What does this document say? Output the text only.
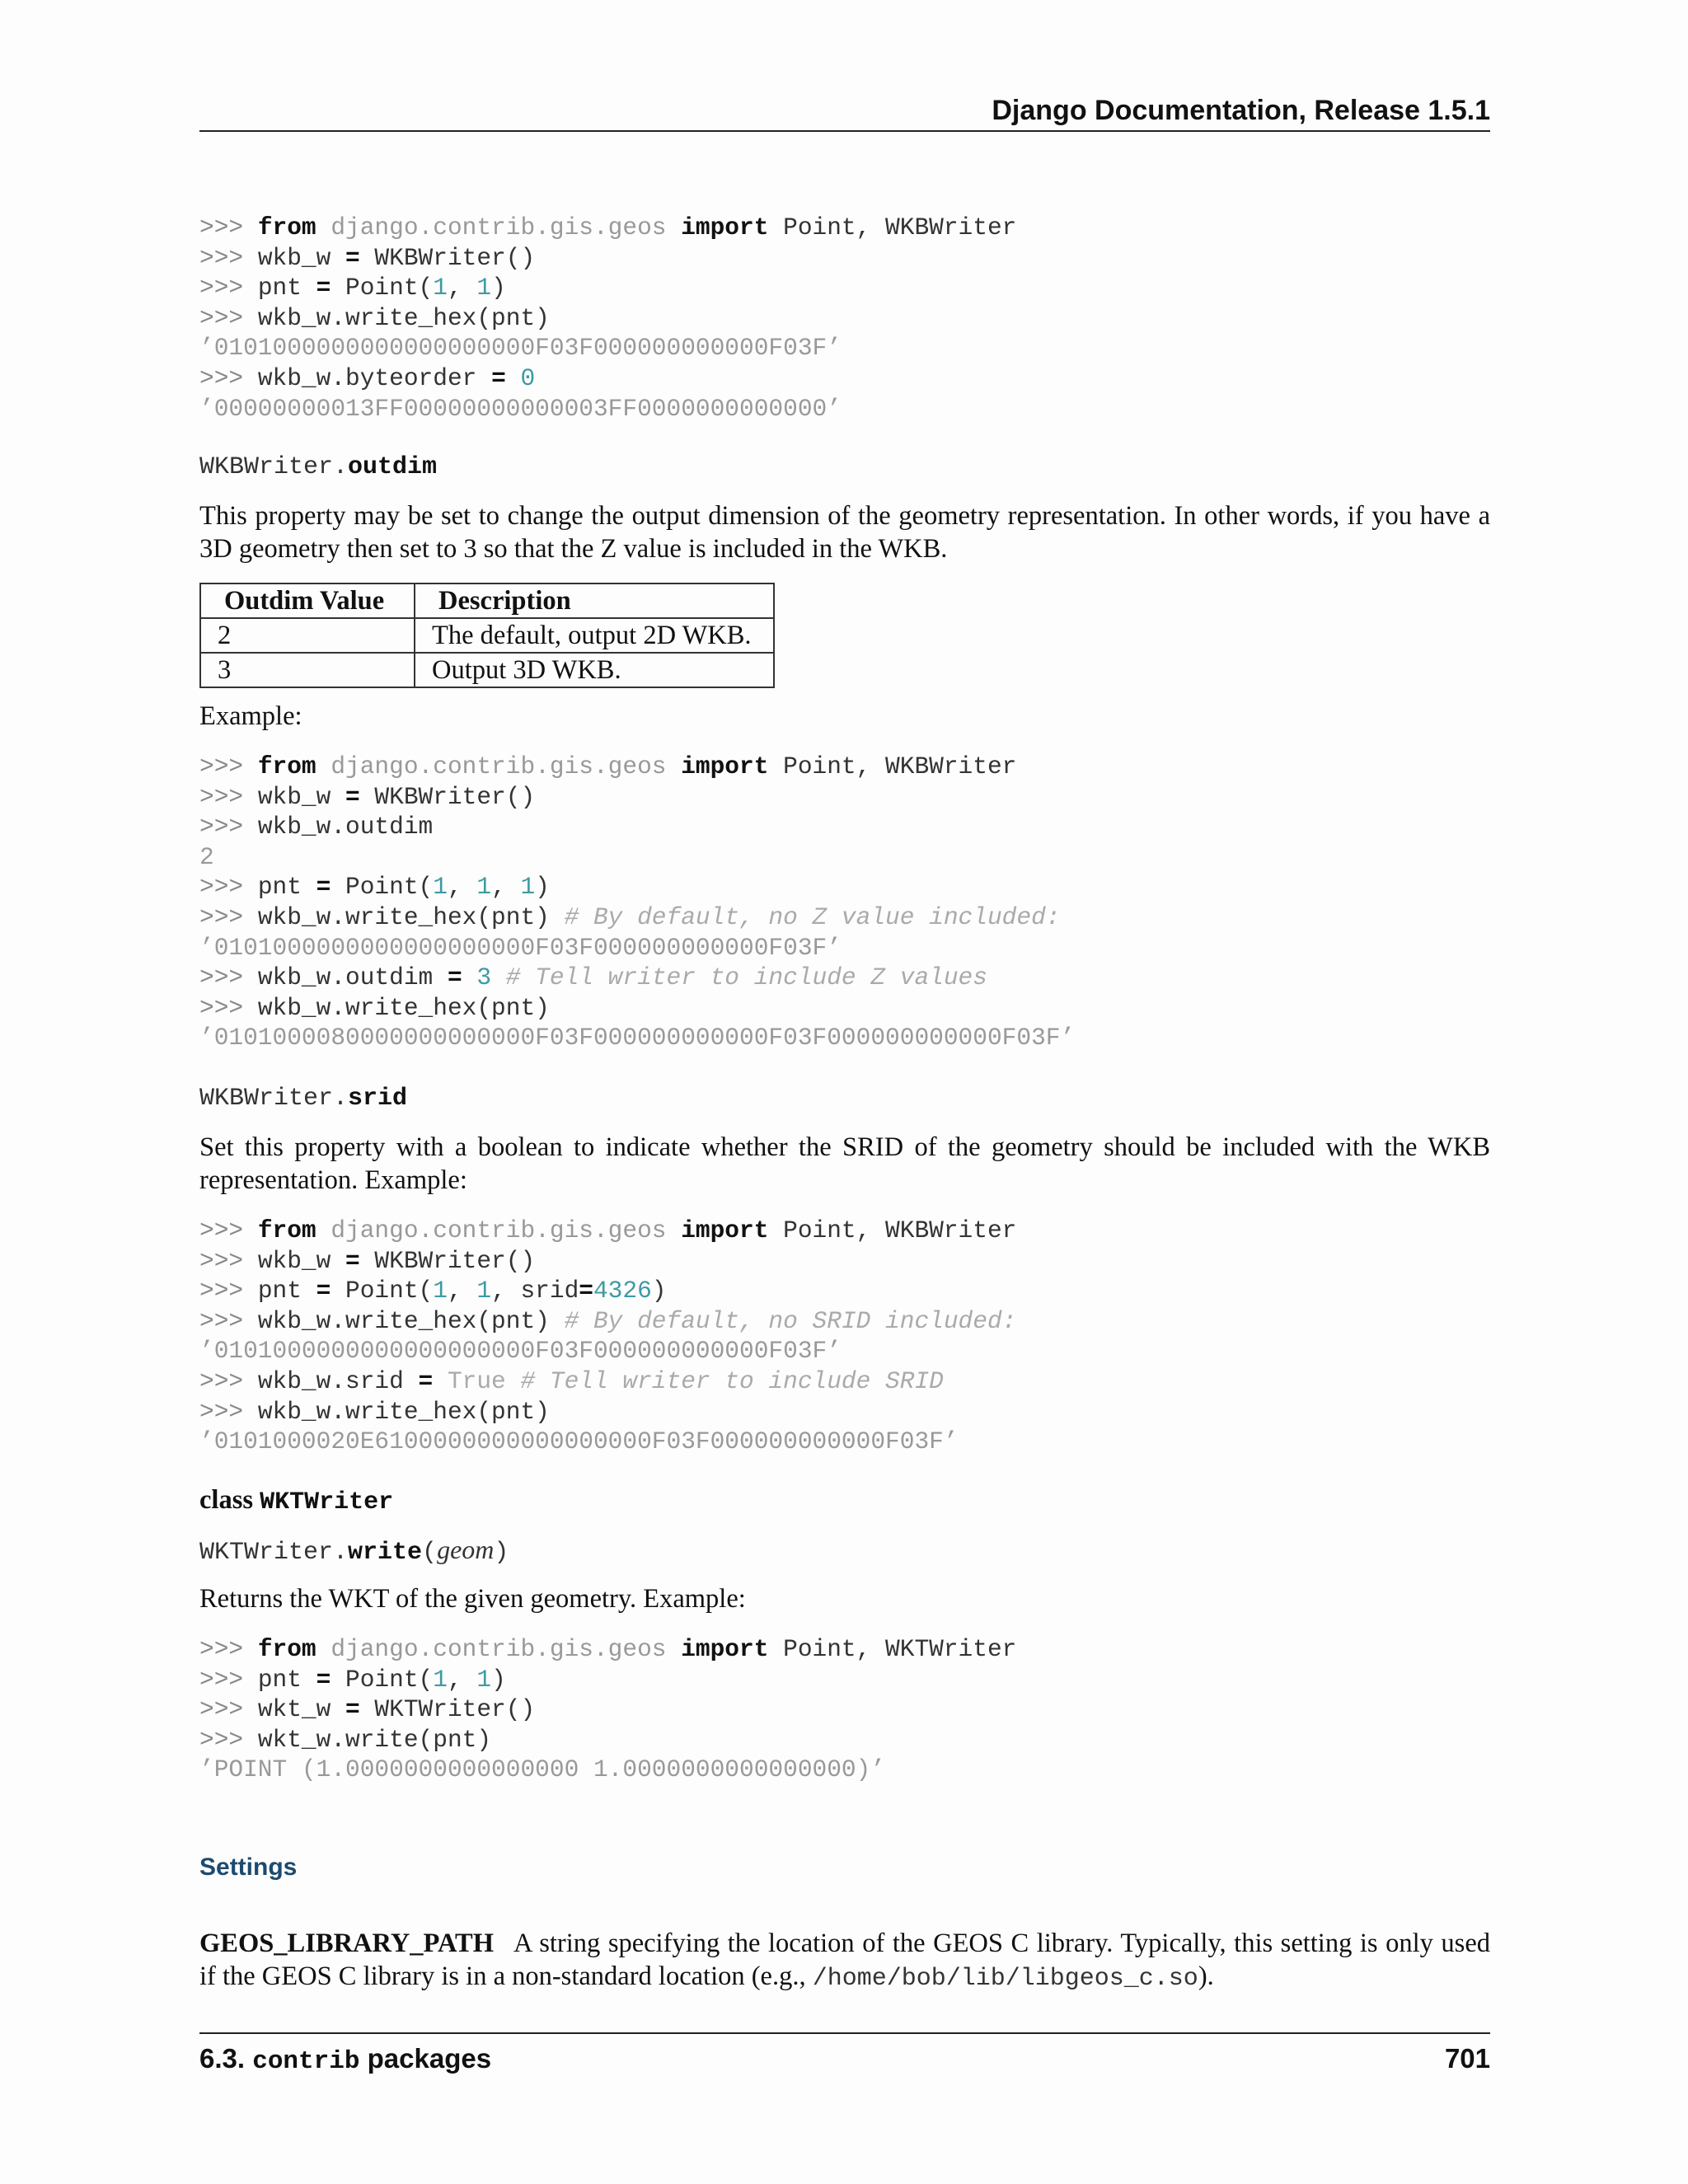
Django Documentation, Release 1.5.1
>>> from django.contrib.gis.geos import Point, WKBWriter
>>> wkb_w = WKBWriter()
>>> pnt = Point(1, 1)
>>> wkb_w.write_hex(pnt)
’0101000000000000000000F03F000000000000F03F’
>>> wkb_w.byteorder = 0
’00000000013FF00000000000003FF0000000000000’
WKBWriter.outdim

This property may be set to change the output dimension of the geometry representation. In other words, if you have a 3D geometry then set to 3 so that the Z value is included in the WKB.

Outdim Value	Description
2	The default, output 2D WKB.
3	Output 3D WKB.

Example:

>>> from django.contrib.gis.geos import Point, WKBWriter
>>> wkb_w = WKBWriter()
>>> wkb_w.outdim
2
>>> pnt = Point(1, 1, 1)
>>> wkb_w.write_hex(pnt) # By default, no Z value included:
’0101000000000000000000F03F000000000000F03F’
>>> wkb_w.outdim = 3 # Tell writer to include Z values
>>> wkb_w.write_hex(pnt)
’0101000080000000000000F03F000000000000F03F000000000000F03F’
WKBWriter.srid

Set this property with a boolean to indicate whether the SRID of the geometry should be included with the WKB representation. Example:

>>> from django.contrib.gis.geos import Point, WKBWriter
>>> wkb_w = WKBWriter()
>>> pnt = Point(1, 1, srid=4326)
>>> wkb_w.write_hex(pnt) # By default, no SRID included:
’0101000000000000000000F03F000000000000F03F’
>>> wkb_w.srid = True # Tell writer to include SRID
>>> wkb_w.write_hex(pnt)
’0101000020E6100000000000000000F03F000000000000F03F’
class WKTWriter
WKTWriter.write(geom)

Returns the WKT of the given geometry. Example:

>>> from django.contrib.gis.geos import Point, WKTWriter
>>> pnt = Point(1, 1)
>>> wkt_w = WKTWriter()
>>> wkt_w.write(pnt)
’POINT (1.0000000000000000 1.0000000000000000)’
Settings

GEOS_LIBRARY_PATH A string specifying the location of the GEOS C library. Typically, this setting is only used if the GEOS C library is in a non-standard location (e.g., /home/bob/lib/libgeos_c.so).

6.3. contrib packages	701
